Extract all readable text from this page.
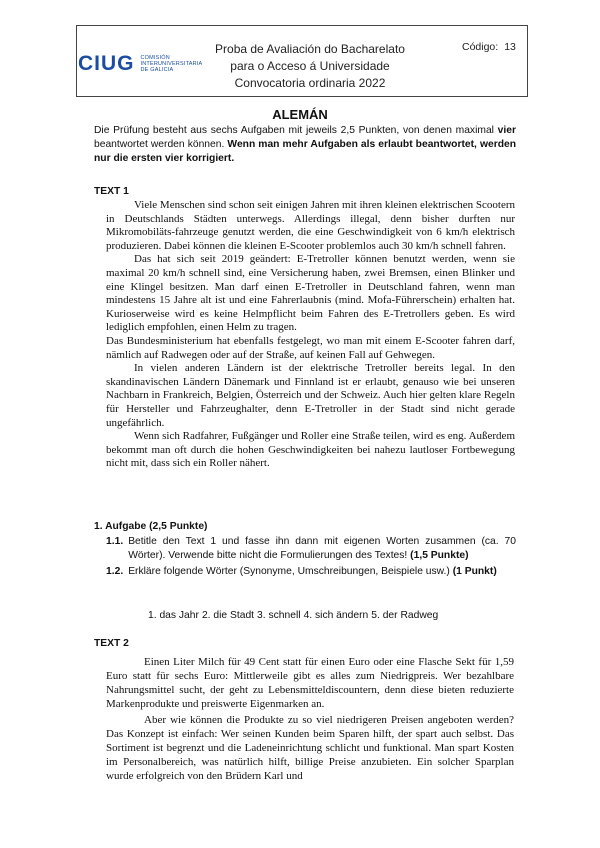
CIUG COMISIÓN
INTERUNIVERSITARIA
DE GALICIA
Proba de Avaliación do Bacharelato
para o Acceso á Universidade
Convocatoria ordinaria 2022
Código: 13
ALEMÁN
Die Prüfung besteht aus sechs Aufgaben mit jeweils 2,5 Punkten, von denen maximal vier beantwortet werden können. Wenn man mehr Aufgaben als erlaubt beantwortet, werden nur die ersten vier korrigiert.
TEXT 1

Viele Menschen sind schon seit einigen Jahren mit ihren kleinen elektrischen Scootern in Deutschlands Städten unterwegs. Allerdings illegal, denn bisher durften nur Mikromobiläts-fahrzeuge genutzt werden, die eine Geschwindigkeit von 6 km/h elektrisch produzieren. Dabei können die kleinen E-Scooter problemlos auch 30 km/h schnell fahren.

Das hat sich seit 2019 geändert: E-Tretroller können benutzt werden, wenn sie maximal 20 km/h schnell sind, eine Versicherung haben, zwei Bremsen, einen Blinker und eine Klingel besitzen. Man darf einen E-Tretroller in Deutschland fahren, wenn man mindestens 15 Jahre alt ist und eine Fahrerlaubnis (mind. Mofa-Führerschein) erhalten hat. Kurioserweise wird es keine Helmpflicht beim Fahren des E-Tretrollers geben. Es wird lediglich empfohlen, einen Helm zu tragen.

Das Bundesministerium hat ebenfalls festgelegt, wo man mit einem E-Scooter fahren darf, nämlich auf Radwegen oder auf der Straße, auf keinen Fall auf Gehwegen.

In vielen anderen Ländern ist der elektrische Tretroller bereits legal. In den skandinavischen Ländern Dänemark und Finnland ist er erlaubt, genauso wie bei unseren Nachbarn in Frankreich, Belgien, Österreich und der Schweiz. Auch hier gelten klare Regeln für Hersteller und Fahrzeughalter, denn E-Tretroller in der Stadt sind nicht gerade ungefährlich.

Wenn sich Radfahrer, Fußgänger und Roller eine Straße teilen, wird es eng. Außerdem bekommt man oft durch die hohen Geschwindigkeiten bei nahezu lautloser Fortbewegung nicht mit, dass sich ein Roller nähert.

1. Aufgabe (2,5 Punkte)
1.1. Betitle den Text 1 und fasse ihn dann mit eigenen Worten zusammen (ca. 70 Wörter). Verwende bitte nicht die Formulierungen des Textes! (1,5 Punkte)
1.2. Erkläre folgende Wörter (Synonyme, Umschreibungen, Beispiele usw.) (1 Punkt)
1. das Jahr 2. die Stadt 3. schnell 4. sich ändern 5. der Radweg
TEXT 2

Einen Liter Milch für 49 Cent statt für einen Euro oder eine Flasche Sekt für 1,59 Euro statt für sechs Euro: Mittlerweile gibt es alles zum Niedrigpreis. Wer bezahlbare Nahrungsmittel sucht, der geht zu Lebensmitteldiscountern, denn diese bieten reduzierte Markenprodukte und preiswerte Eigenmarken an.

Aber wie können die Produkte zu so viel niedrigeren Preisen angeboten werden? Das Konzept ist einfach: Wer seinen Kunden beim Sparen hilft, der spart auch selbst. Das Sortiment ist begrenzt und die Ladeneinrichtung schlicht und funktional. Man spart Kosten im Personalbereich, was natürlich hilft, billige Preise anzubieten. Ein solcher Sparplan wurde erfolgreich von den Brüdern Karl und
